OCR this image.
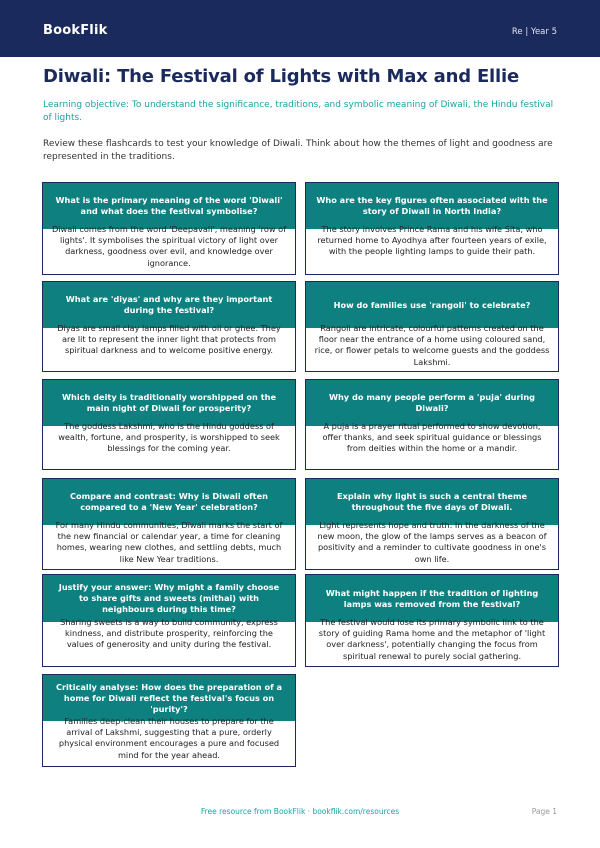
BookFlik	Re | Year 5
Diwali: The Festival of Lights with Max and Ellie
Learning objective: To understand the significance, traditions, and symbolic meaning of Diwali, the Hindu festival of lights.
Review these flashcards to test your knowledge of Diwali. Think about how the themes of light and goodness are represented in the traditions.
What is the primary meaning of the word 'Diwali' and what does the festival symbolise?
Diwali comes from the word 'Deepavali', meaning 'row of lights'. It symbolises the spiritual victory of light over darkness, goodness over evil, and knowledge over ignorance.
Who are the key figures often associated with the story of Diwali in North India?
The story involves Prince Rama and his wife Sita, who returned home to Ayodhya after fourteen years of exile, with the people lighting lamps to guide their path.
What are 'diyas' and why are they important during the festival?
Diyas are small clay lamps filled with oil or ghee. They are lit to represent the inner light that protects from spiritual darkness and to welcome positive energy.
How do families use 'rangoli' to celebrate?
Rangoli are intricate, colourful patterns created on the floor near the entrance of a home using coloured sand, rice, or flower petals to welcome guests and the goddess Lakshmi.
Which deity is traditionally worshipped on the main night of Diwali for prosperity?
The goddess Lakshmi, who is the Hindu goddess of wealth, fortune, and prosperity, is worshipped to seek blessings for the coming year.
Why do many people perform a 'puja' during Diwali?
A puja is a prayer ritual performed to show devotion, offer thanks, and seek spiritual guidance or blessings from deities within the home or a mandir.
Compare and contrast: Why is Diwali often compared to a 'New Year' celebration?
For many Hindu communities, Diwali marks the start of the new financial or calendar year, a time for cleaning homes, wearing new clothes, and settling debts, much like New Year traditions.
Explain why light is such a central theme throughout the five days of Diwali.
Light represents hope and truth. In the darkness of the new moon, the glow of the lamps serves as a beacon of positivity and a reminder to cultivate goodness in one's own life.
Justify your answer: Why might a family choose to share gifts and sweets (mithai) with neighbours during this time?
Sharing sweets is a way to build community, express kindness, and distribute prosperity, reinforcing the values of generosity and unity during the festival.
What might happen if the tradition of lighting lamps was removed from the festival?
The festival would lose its primary symbolic link to the story of guiding Rama home and the metaphor of 'light over darkness', potentially changing the focus from spiritual renewal to purely social gathering.
Critically analyse: How does the preparation of a home for Diwali reflect the festival's focus on 'purity'?
Families deep-clean their houses to prepare for the arrival of Lakshmi, suggesting that a pure, orderly physical environment encourages a pure and focused mind for the year ahead.
Free resource from BookFlik · bookflik.com/resources	Page 1
